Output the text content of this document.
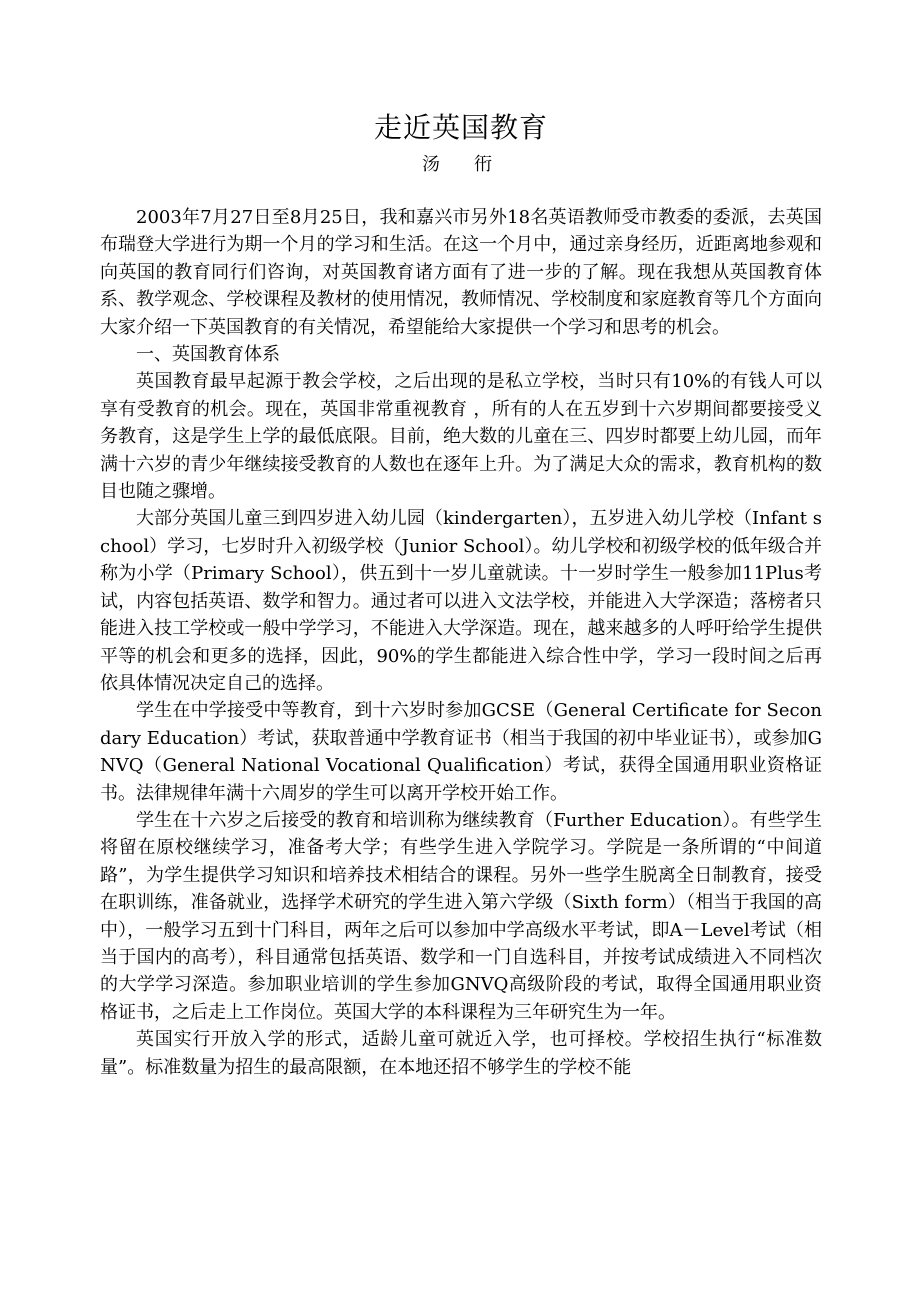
走近英国教育
汤　衎

2003年7月27日至8月25日，我和嘉兴市另外18名英语教师受市教委的委派，去英国布瑞登大学进行为期一个月的学习和生活。在这一个月中，通过亲身经历，近距离地参观和向英国的教育同行们咨询，对英国教育诸方面有了进一步的了解。现在我想从英国教育体系、教学观念、学校课程及教材的使用情况，教师情况、学校制度和家庭教育等几个方面向大家介绍一下英国教育的有关情况，希望能给大家提供一个学习和思考的机会。

一、英国教育体系

英国教育最早起源于教会学校，之后出现的是私立学校，当时只有10%的有钱人可以享有受教育的机会。现在，英国非常重视教育 ，所有的人在五岁到十六岁期间都要接受义务教育，这是学生上学的最低底限。目前，绝大数的儿童在三、四岁时都要上幼儿园，而年满十六岁的青少年继续接受教育的人数也在逐年上升。为了满足大众的需求，教育机构的数目也随之骤增。

大部分英国儿童三到四岁进入幼儿园（kindergarten），五岁进入幼儿学校（Infant school）学习，七岁时升入初级学校（Junior School）。幼儿学校和初级学校的低年级合并称为小学（Primary School），供五到十一岁儿童就读。十一岁时学生一般参加11Plus考试，内容包括英语、数学和智力。通过者可以进入文法学校，并能进入大学深造；落榜者只能进入技工学校或一般中学学习，不能进入大学深造。现在，越来越多的人呼吁给学生提供平等的机会和更多的选择，因此，90%的学生都能进入综合性中学，学习一段时间之后再依具体情况决定自己的选择。

学生在中学接受中等教育，到十六岁时参加GCSE（General Certificate for Secondary Education）考试，获取普通中学教育证书（相当于我国的初中毕业证书），或参加GNVQ（General National Vocational Qualification）考试，获得全国通用职业资格证书。法律规律年满十六周岁的学生可以离开学校开始工作。

学生在十六岁之后接受的教育和培训称为继续教育（Further Education）。有些学生将留在原校继续学习，准备考大学；有些学生进入学院学习。学院是一条所谓的“中间道路”，为学生提供学习知识和培养技术相结合的课程。另外一些学生脱离全日制教育，接受在职训练，准备就业，选择学术研究的学生进入第六学级（Sixth form）（相当于我国的高中），一般学习五到十门科目，两年之后可以参加中学高级水平考试，即A－Level考试（相当于国内的高考），科目通常包括英语、数学和一门自选科目，并按考试成绩进入不同档次的大学学习深造。参加职业培训的学生参加GNVQ高级阶段的考试，取得全国通用职业资格证书，之后走上工作岗位。英国大学的本科课程为三年研究生为一年。

英国实行开放入学的形式，适龄儿童可就近入学，也可择校。学校招生执行“标准数量”。标准数量为招生的最高限额，在本地还招不够学生的学校不能
